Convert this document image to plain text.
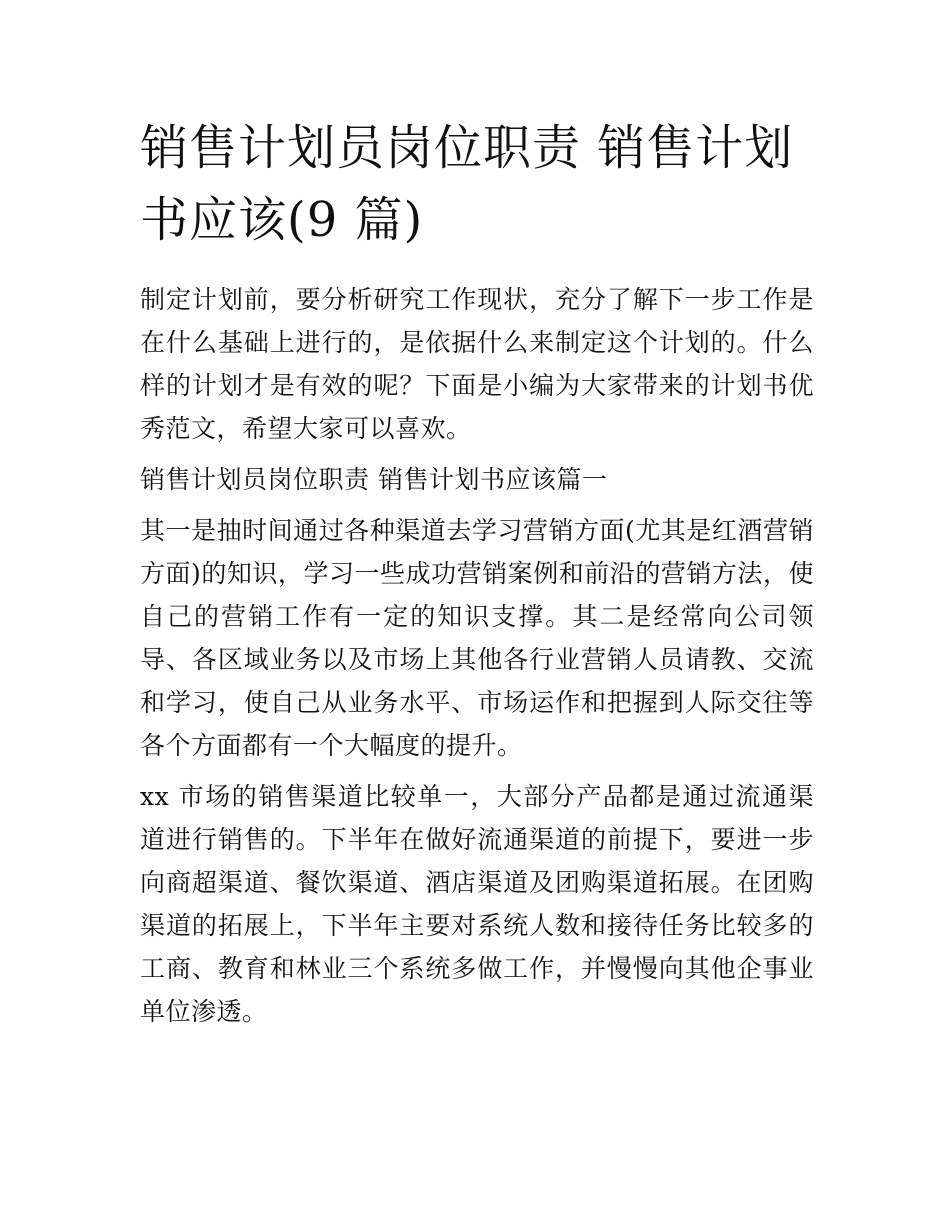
销售计划员岗位职责 销售计划书应该(9 篇)

制定计划前，要分析研究工作现状，充分了解下一步工作是在什么基础上进行的，是依据什么来制定这个计划的。什么样的计划才是有效的呢？下面是小编为大家带来的计划书优秀范文，希望大家可以喜欢。

销售计划员岗位职责 销售计划书应该篇一

其一是抽时间通过各种渠道去学习营销方面(尤其是红酒营销方面)的知识，学习一些成功营销案例和前沿的营销方法，使自己的营销工作有一定的知识支撑。其二是经常向公司领导、各区域业务以及市场上其他各行业营销人员请教、交流和学习，使自己从业务水平、市场运作和把握到人际交往等各个方面都有一个大幅度的提升。

xx 市场的销售渠道比较单一，大部分产品都是通过流通渠道进行销售的。下半年在做好流通渠道的前提下，要进一步向商超渠道、餐饮渠道、酒店渠道及团购渠道拓展。在团购渠道的拓展上，下半年主要对系统人数和接待任务比较多的工商、教育和林业三个系统多做工作，并慢慢向其他企事业单位渗透。
